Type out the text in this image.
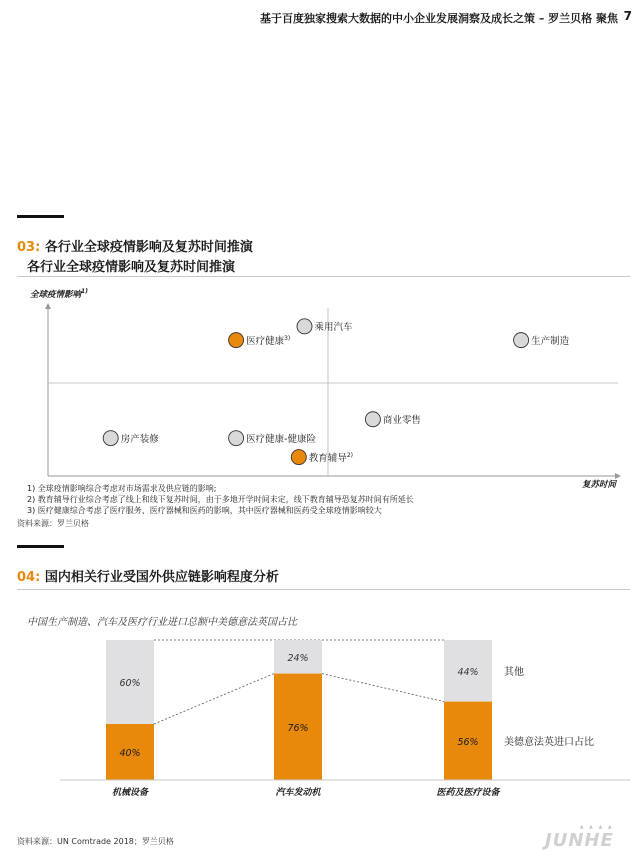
基于百度独家搜索大数据的中小企业发展洞察及成长之策 – 罗兰贝格 聚焦 7
03: 各行业全球疫情影响及复苏时间推演
各行业全球疫情影响及复苏时间推演
全球疫情影响$^{1)}$
复苏时间
乘用汽车
医疗健康$^{3)}$	生产制造
商业零售
房产装修	医疗健康-健康险
教育辅导$^{2)}$
1) 全球疫情影响综合考虑对市场需求及供应链的影响;
2) 教育辅导行业综合考虑了线上和线下复苏时间，由于多地开学时间未定，线下教育辅导恐复苏时间有所延长
3) 医疗健康综合考虑了医疗服务、医疗器械和医药的影响，其中医疗器械和医药受全球疫情影响较大
资料来源：罗兰贝格
04: 国内相关行业受国外供应链影响程度分析
中国生产制造、汽车及医疗行业进口总额中美德意法英国占比
60%
40%
24%
76%
44%
56%
机械设备	汽车发动机	医药及医疗设备
其他
美德意法英进口占比
资料来源：UN Comtrade 2018；罗兰贝格
▲ ▲ ▲ ▲
JUNHE
